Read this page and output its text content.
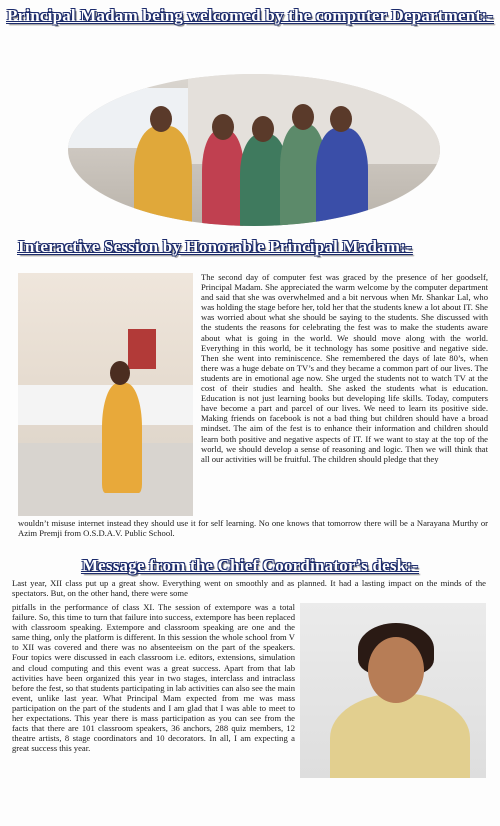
Principal Madam being welcomed by the computer Department:-
Interactive Session by Honorable Principal Madam:-
The second day of computer fest was graced by the presence of her goodself, Principal Madam. She appreciated the warm welcome by the computer department and said that she was overwhelmed and a bit nervous when Mr. Shankar Lal, who was holding the stage before her, told her that the students knew a lot about IT. She was worried about what she should be saying to the students. She discussed with the students the reasons for celebrating the fest was to make the students aware about what is going in the world. We should move along with the world. Everything in this world, be it technology has some positive and negative side. Then she went into reminiscence. She remembered the days of late 80’s, when there was a huge debate on TV’s and they became a common part of our lives. The students are in emotional age now. She urged the students not to watch TV at the cost of their studies and health. She asked the students what is education. Education is not just learning books but developing life skills. Today, computers have become a part and parcel of our lives. We need to learn its positive side. Making friends on facebook is not a bad thing but children should have a broad mindset. The aim of the fest is to enhance their information and children should learn both positive and negative aspects of IT. If we want to stay at the top of the world, we should develop a sense of reasoning and logic. Then we will think that all our activities will be fruitful. The children should pledge that they
wouldn’t misuse internet instead they should use it for self learning. No one knows that tomorrow there will be a Narayana Murthy or Azim Premji from O.S.D.A.V. Public School.
Message from the Chief Coordinator’s desk:-
Last year, XII class put up a great show. Everything went on smoothly and as planned. It had a lasting impact on the minds of the spectators. But, on the other hand, there were some
pitfalls in the performance of class XI. The session of extempore was a total failure. So, this time to turn that failure into success, extempore has been replaced with classroom speaking. Extempore and classroom speaking are one and the same thing, only the platform is different. In this session the whole school from V to XII was covered and there was no absenteeism on the part of the speakers. Four topics were discussed in each classroom i.e. editors, extensions, simulation and cloud computing and this event was a great success. Apart from that lab activities have been organized this year in two stages, interclass and intraclass before the fest, so that students participating in lab activities can also see the main event, unlike last year. What Principal Mam expected from me was mass participation on the part of the students and I am glad that I was able to meet to her expectations. This year there is mass participation as you can see from the facts that there are 101 classroom speakers, 36 anchors, 288 quiz members, 12 theatre artists, 8 stage coordinators and 10 decorators. In all, I am expecting a great success this year.
